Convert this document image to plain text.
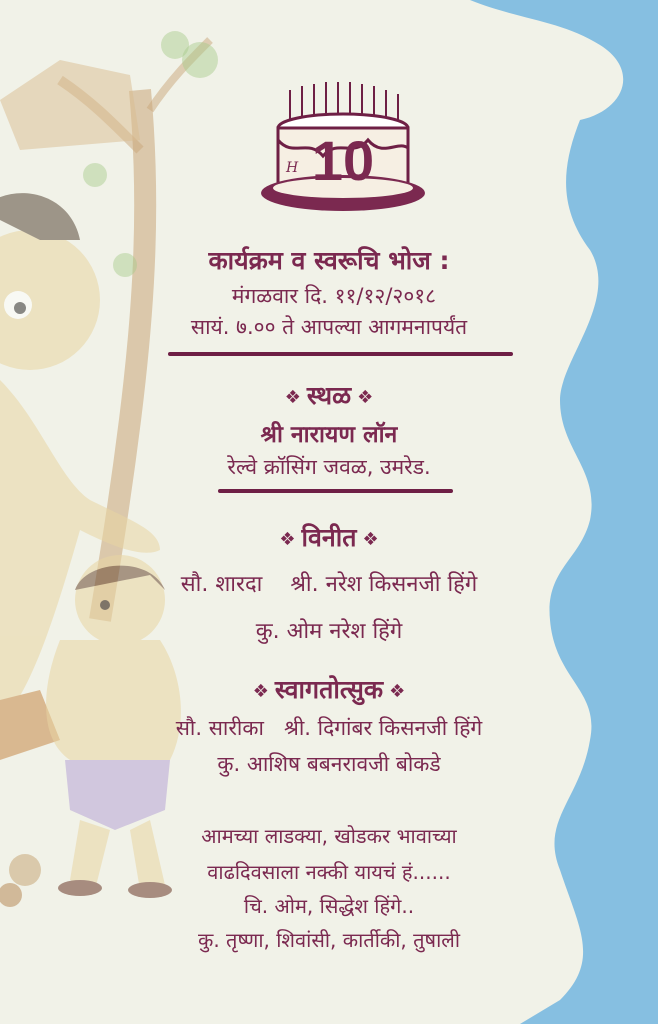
H 10
कार्यक्रम व स्वरूचि भोज :
मंगळवार दि. ११/१२/२०१८
सायं. ७.०० ते आपल्या आगमनापर्यंत
❖ स्थळ ❖
श्री नारायण लॉन
रेल्वे क्रॉसिंग जवळ, उमरेड.
❖ विनीत ❖
सौ. शारदा श्री. नरेश किसनजी हिंगे
कु. ओम नरेश हिंगे
❖ स्वागतोत्सुक ❖
सौ. सारीका श्री. दिगांबर किसनजी हिंगे
कु. आशिष बबनरावजी बोकडे
आमच्या लाडक्या, खोडकर भावाच्या
वाढदिवसाला नक्की यायचं हं......
चि. ओम, सिद्धेश हिंगे..
कु. तृष्णा, शिवांसी, कार्तीकी, तुषाली
